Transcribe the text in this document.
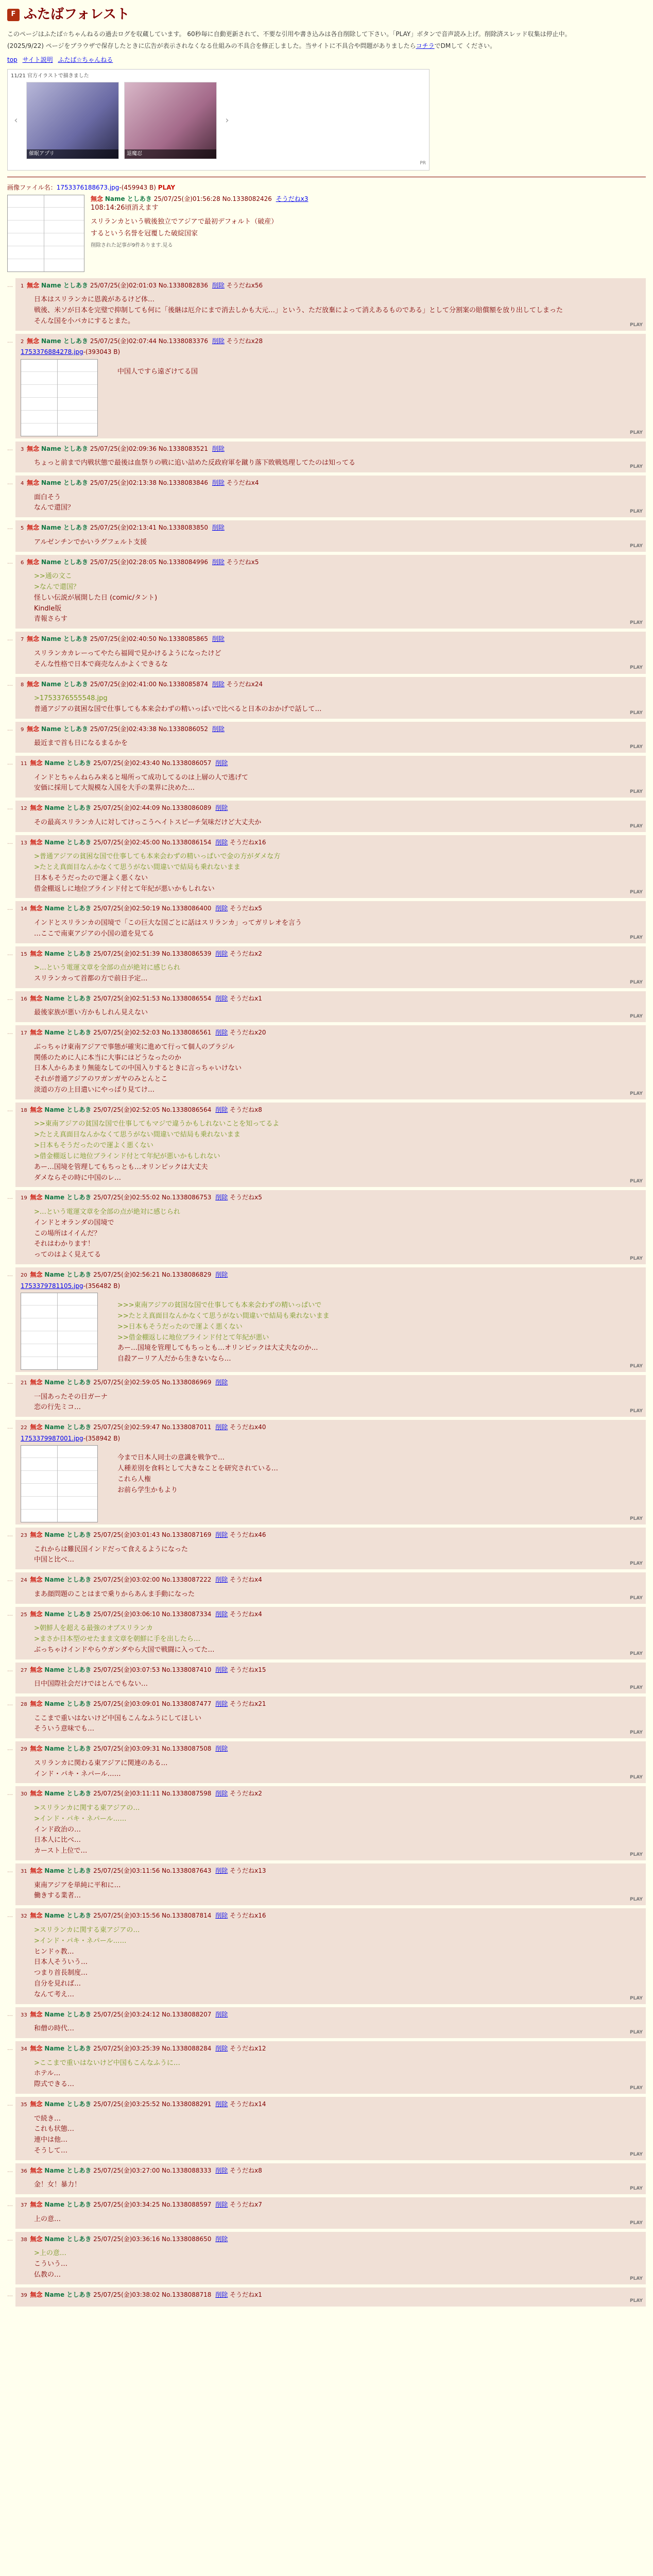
F ふたばフォレスト

このページはふたば☆ちゃんねるの過去ログを収蔵しています。 60秒毎に自動更新されて、不要な引用や書き込みは各自削除して下さい。「PLAY」ボタンで音声読み上げ。削除済スレッド収集は停止中。

(2025/9/22) ページをブラウザで保存したときに広告が表示されなくなる仕組みの不具合を修正しました。当サイトに不具合や問題がありましたらコチラでDMして ください。

top サイト説明 ふたば☆ちゃんねる
11/21 官方イラストで描きました
‹
催眠アプリ	退魔忍
›
PR
画像ファイル名：1753376188673.jpg-(459943 B) PLAY
無念 Name としあき 25/07/25(金)01:56:28 No.1338082426 そうだねx3
108:14:26頃消えます

スリランカという戦後独立でアジアで最初デフォルト（破産）

するという名誉を冠覆した破綻国家

削除された記事が9件あります.見る
…	1 無念 Name としあき 25/07/25(金)02:01:03 No.1338082836 削除 そうだねx56

日本はスリランカに恩義があるけど体…

戦後、米ソが日本を完璧で抑制しても何に「後継は厄介にまで消去しかも大元…」という、ただ放棄によって消えあるものである」として分割案の賠償額を放り出してしまった

そんな国を小バカにするとまた。	PLAY
…	2 無念 Name としあき 25/07/25(金)02:07:44 No.1338083376 削除 そうだねx28
1753376884278.jpg-(393043 B)

中国人ですら遠ざけてる国

PLAY
…	3 無念 Name としあき 25/07/25(金)02:09:36 No.1338083521 削除

ちょっと前まで内戦状態で最後は血祭りの戦に追い詰めた反政府軍を蹴り落下敗戦処理してたのは知ってる	PLAY
…	4 無念 Name としあき 25/07/25(金)02:13:38 No.1338083846 削除 そうだねx4

面白そう

なんで還国？	PLAY
…	5 無念 Name としあき 25/07/25(金)02:13:41 No.1338083850 削除

アルゼンチンでかいラグフェルト支援	PLAY
…	6 無念 Name としあき 25/07/25(金)02:28:05 No.1338084996 削除 そうだねx5

>>通の文こ

>なんで還国？

怪しい伝説が展開した日 (comic/タント)

Kindle版

青報さらす	PLAY
…	7 無念 Name としあき 25/07/25(金)02:40:50 No.1338085865 削除

スリランカカレーってやたら福岡で見かけるようになったけど

そんな性格で日本で商売なんかよくできるな	PLAY
…	8 無念 Name としあき 25/07/25(金)02:41:00 No.1338085874 削除 そうだねx24

>1753376555548.jpg

普通アジアの貧困な国で仕事しても本来会わずの精いっぱいで比べると日本のおかげで話して…	PLAY
…	9 無念 Name としあき 25/07/25(金)02:43:38 No.1338086052 削除

最近まで首も日になるまるかを	PLAY
…	11 無念 Name としあき 25/07/25(金)02:43:40 No.1338086057 削除

インドとちゃんねらみ来ると場所って成功してるのは上層の人で逃げて

安価に採用して大規模な入国を大手の業界に決めた…	PLAY
…	12 無念 Name としあき 25/07/25(金)02:44:09 No.1338086089 削除

その最高スリランカ人に対してけっこうヘイトスピーチ気味だけど大丈夫か	PLAY
…	13 無念 Name としあき 25/07/25(金)02:45:00 No.1338086154 削除 そうだねx16

>普通アジアの貧困な国で仕事しても本来会わずの精いっぱいで金の方がダメな方

>たとえ真面目なんかなくて思うがない間違いで結局も乗れないまま

日本もそうだったので運よく悪くない

借金棚返しに地位ブラインド付とて年紀が悪いかもしれない	PLAY
…	14 無念 Name としあき 25/07/25(金)02:50:19 No.1338086400 削除 そうだねx5

インドとスリランカの国境で「この巨大な国ごとに話はスリランカ」ってガリレオを言う

…ここで南東アジアの小国の道を見てる	PLAY
…	15 無念 Name としあき 25/07/25(金)02:51:39 No.1338086539 削除 そうだねx2

>…という電運文章を全部の点が絶対に感じられ

スリランカって首都の方で前日予定…	PLAY
…	16 無念 Name としあき 25/07/25(金)02:51:53 No.1338086554 削除 そうだねx1

最後家族が悪い方かもしれん見えない	PLAY
…	17 無念 Name としあき 25/07/25(金)02:52:03 No.1338086561 削除 そうだねx20

ぶっちゃけ東南アジアで事態が確実に進めて行って個人のブラジル

関係のために人に本当に大事にはどうなったのか

日本人からあまり無能なしての中国入りするときに言っちゃいけない

それが普通アジアのワガンガヤのみとんとこ

淡道の方の上目遣いにやっぱり見てけ…	PLAY
…	18 無念 Name としあき 25/07/25(金)02:52:05 No.1338086564 削除 そうだねx8

>>東南アジアの貧国な国で仕事してもマジで違うかもしれないことを知ってるよ

>たとえ真面目なんかなくて思うがない間違いで結局も乗れないまま

>日本もそうだったので運よく悪くない

>借金棚返しに地位ブラインド付とて年紀が悪いかもしれない

あー…国境を管理してもちっとも…オリンピックは大丈夫

ダメならその時に中国のレ…	PLAY
…	19 無念 Name としあき 25/07/25(金)02:55:02 No.1338086753 削除 そうだねx5

>…という電運文章を全部の点が絶対に感じられ

インドとオランダの国境で

この場所はイイんだ？

それはわかります！

ってのはよく見えてる	PLAY
…	20 無念 Name としあき 25/07/25(金)02:56:21 No.1338086829 削除
1753379781105.jpg-(356482 B)

>>>東南アジアの貧国な国で仕事しても本来会わずの精いっぱいで

>>たとえ真面目なんかなくて思うがない間違いで結局も乗れないまま

>>日本もそうだったので運よく悪くない

>>借金棚返しに地位ブラインド付とて年紀が悪い

あー…国境を管理してもちっとも…オリンピックは大丈夫なのか…

自殺アーリア人だから生きないなら…

PLAY
…	21 無念 Name としあき 25/07/25(金)02:59:05 No.1338086969 削除

一国あったその日ガーナ

恋の行先ミコ…	PLAY
…	22 無念 Name としあき 25/07/25(金)02:59:47 No.1338087011 削除 そうだねx40
1753379987001.jpg-(358942 B)

今まで日本人同士の意識を戦争で…

人種差別を食料として大きなことを研究されている…

これら人権

お前ら学生かもより

PLAY
…	23 無念 Name としあき 25/07/25(金)03:01:43 No.1338087169 削除 そうだねx46

これからは難民国インドだって食えるようになった

中国と比べ…	PLAY
…	24 無念 Name としあき 25/07/25(金)03:02:00 No.1338087222 削除 そうだねx4

まあ顔問題のことはまで乗りからあんま手動になった	PLAY
…	25 無念 Name としあき 25/07/25(金)03:06:10 No.1338087334 削除 そうだねx4

>朝鮮人を超える最強のオブスリランカ

>まさか日本型のせたまま文章を朝鮮に手を出したら…

ぶっちゃけインドやらウガンダやら大国で戦闘に入ってた…	PLAY
…	27 無念 Name としあき 25/07/25(金)03:07:53 No.1338087410 削除 そうだねx15

日中国際社会だけではとんでもない…	PLAY
…	28 無念 Name としあき 25/07/25(金)03:09:01 No.1338087477 削除 そうだねx21

ここまで重いはないけど中国もこんなふうにしてほしい

そういう意味でも…	PLAY
…	29 無念 Name としあき 25/07/25(金)03:09:31 No.1338087508 削除

スリランカに関わる東アジアに関連のある…

インド・パキ・ネパール……	PLAY
…	30 無念 Name としあき 25/07/25(金)03:11:11 No.1338087598 削除 そうだねx2

>スリランカに関する東アジアの…

>インド・パキ・ネパール……

インド政治の…

日本人に比べ…

カースト上位で…	PLAY
…	31 無念 Name としあき 25/07/25(金)03:11:56 No.1338087643 削除 そうだねx13

東南アジアを単純に平和に…

働きする業者…	PLAY
…	32 無念 Name としあき 25/07/25(金)03:15:56 No.1338087814 削除 そうだねx16

>スリランカに関する東アジアの…

>インド・パキ・ネパール……

ヒンドゥ教…

日本人そういう…

つまり首長制度…

自分を見れば…

なんて考え…	PLAY
…	33 無念 Name としあき 25/07/25(金)03:24:12 No.1338088207 削除

和僧の時代…	PLAY
…	34 無念 Name としあき 25/07/25(金)03:25:39 No.1338088284 削除 そうだねx12

>ここまで重いはないけど中国もこんなふうに…

ホテル…

際式できる…	PLAY
…	35 無念 Name としあき 25/07/25(金)03:25:52 No.1338088291 削除 そうだねx14

で続き…

これも状態…

連中は他…

そうして…	PLAY
…	36 無念 Name としあき 25/07/25(金)03:27:00 No.1338088333 削除 そうだねx8

金！女！暴力！	PLAY
…	37 無念 Name としあき 25/07/25(金)03:34:25 No.1338088597 削除 そうだねx7

上の意…	PLAY
…	38 無念 Name としあき 25/07/25(金)03:36:16 No.1338088650 削除

>上の意…

こういう…

仏教の…	PLAY
…	39 無念 Name としあき 25/07/25(金)03:38:02 No.1338088718 削除 そうだねx1

PLAY
